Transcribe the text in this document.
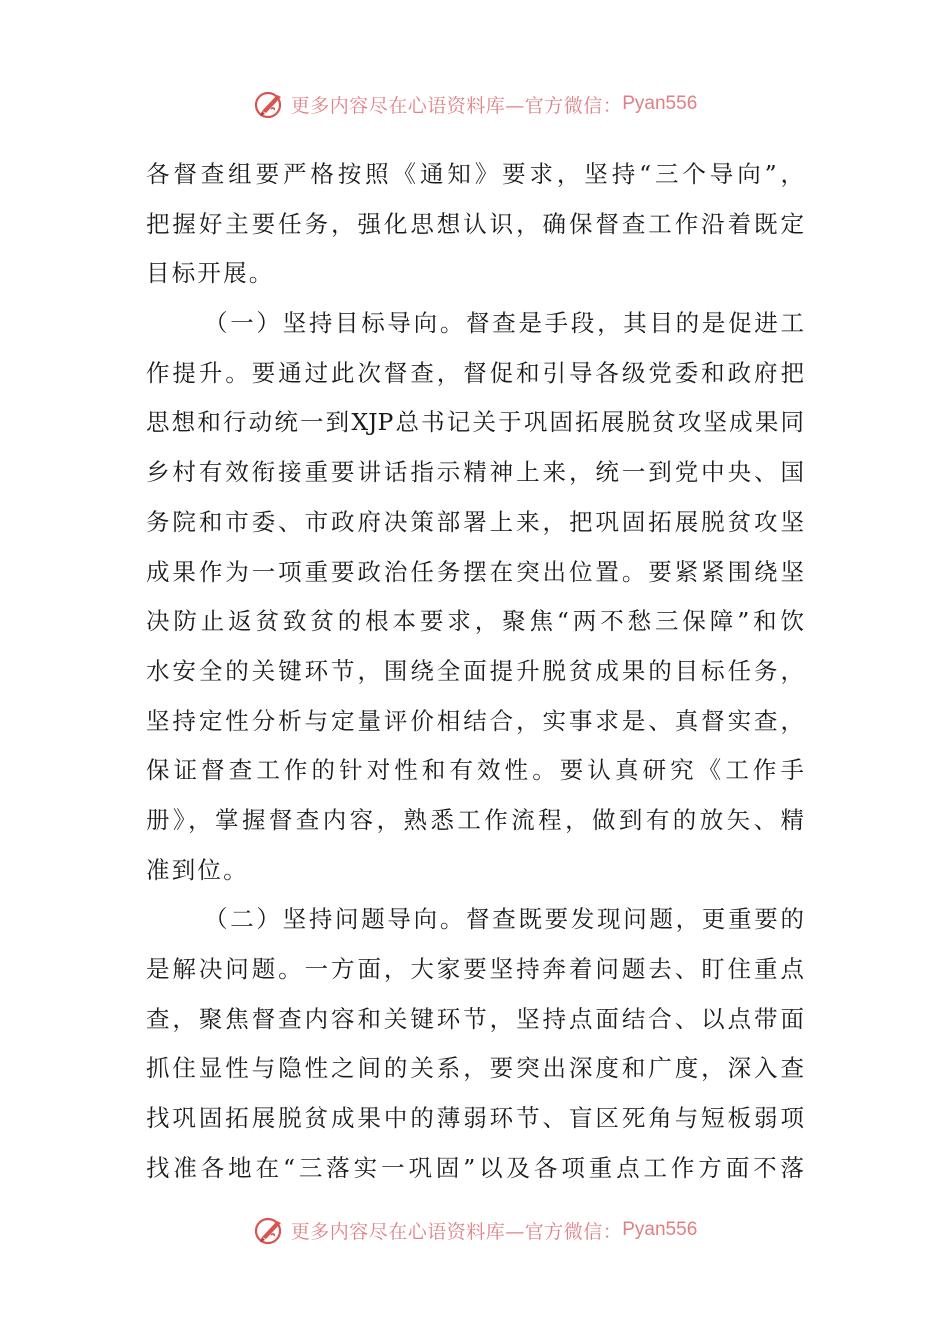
更多内容尽在心语资料库—官方微信： Pyan556
各督查组要严格按照《通知》要求，坚持“三个导向”，
把握好主要任务，强化思想认识，确保督查工作沿着既定
目标开展。
（一）坚持目标导向。督查是手段，其目的是促进工
作提升。要通过此次督查，督促和引导各级党委和政府把
思想和行动统一到XJP总书记关于巩固拓展脱贫攻坚成果同
乡村有效衔接重要讲话指示精神上来，统一到党中央、国
务院和市委、市政府决策部署上来，把巩固拓展脱贫攻坚
成果作为一项重要政治任务摆在突出位置。要紧紧围绕坚
决防止返贫致贫的根本要求，聚焦“两不愁三保障”和饮
水安全的关键环节，围绕全面提升脱贫成果的目标任务，
坚持定性分析与定量评价相结合，实事求是、真督实查，
保证督查工作的针对性和有效性。要认真研究《工作手
册》，掌握督查内容，熟悉工作流程，做到有的放矢、精
准到位。
（二）坚持问题导向。督查既要发现问题，更重要的
是解决问题。一方面，大家要坚持奔着问题去、盯住重点
查，聚焦督查内容和关键环节，坚持点面结合、以点带面
抓住显性与隐性之间的关系，要突出深度和广度，深入查
找巩固拓展脱贫成果中的薄弱环节、盲区死角与短板弱项
找准各地在“三落实一巩固”以及各项重点工作方面不落
更多内容尽在心语资料库—官方微信： Pyan556
